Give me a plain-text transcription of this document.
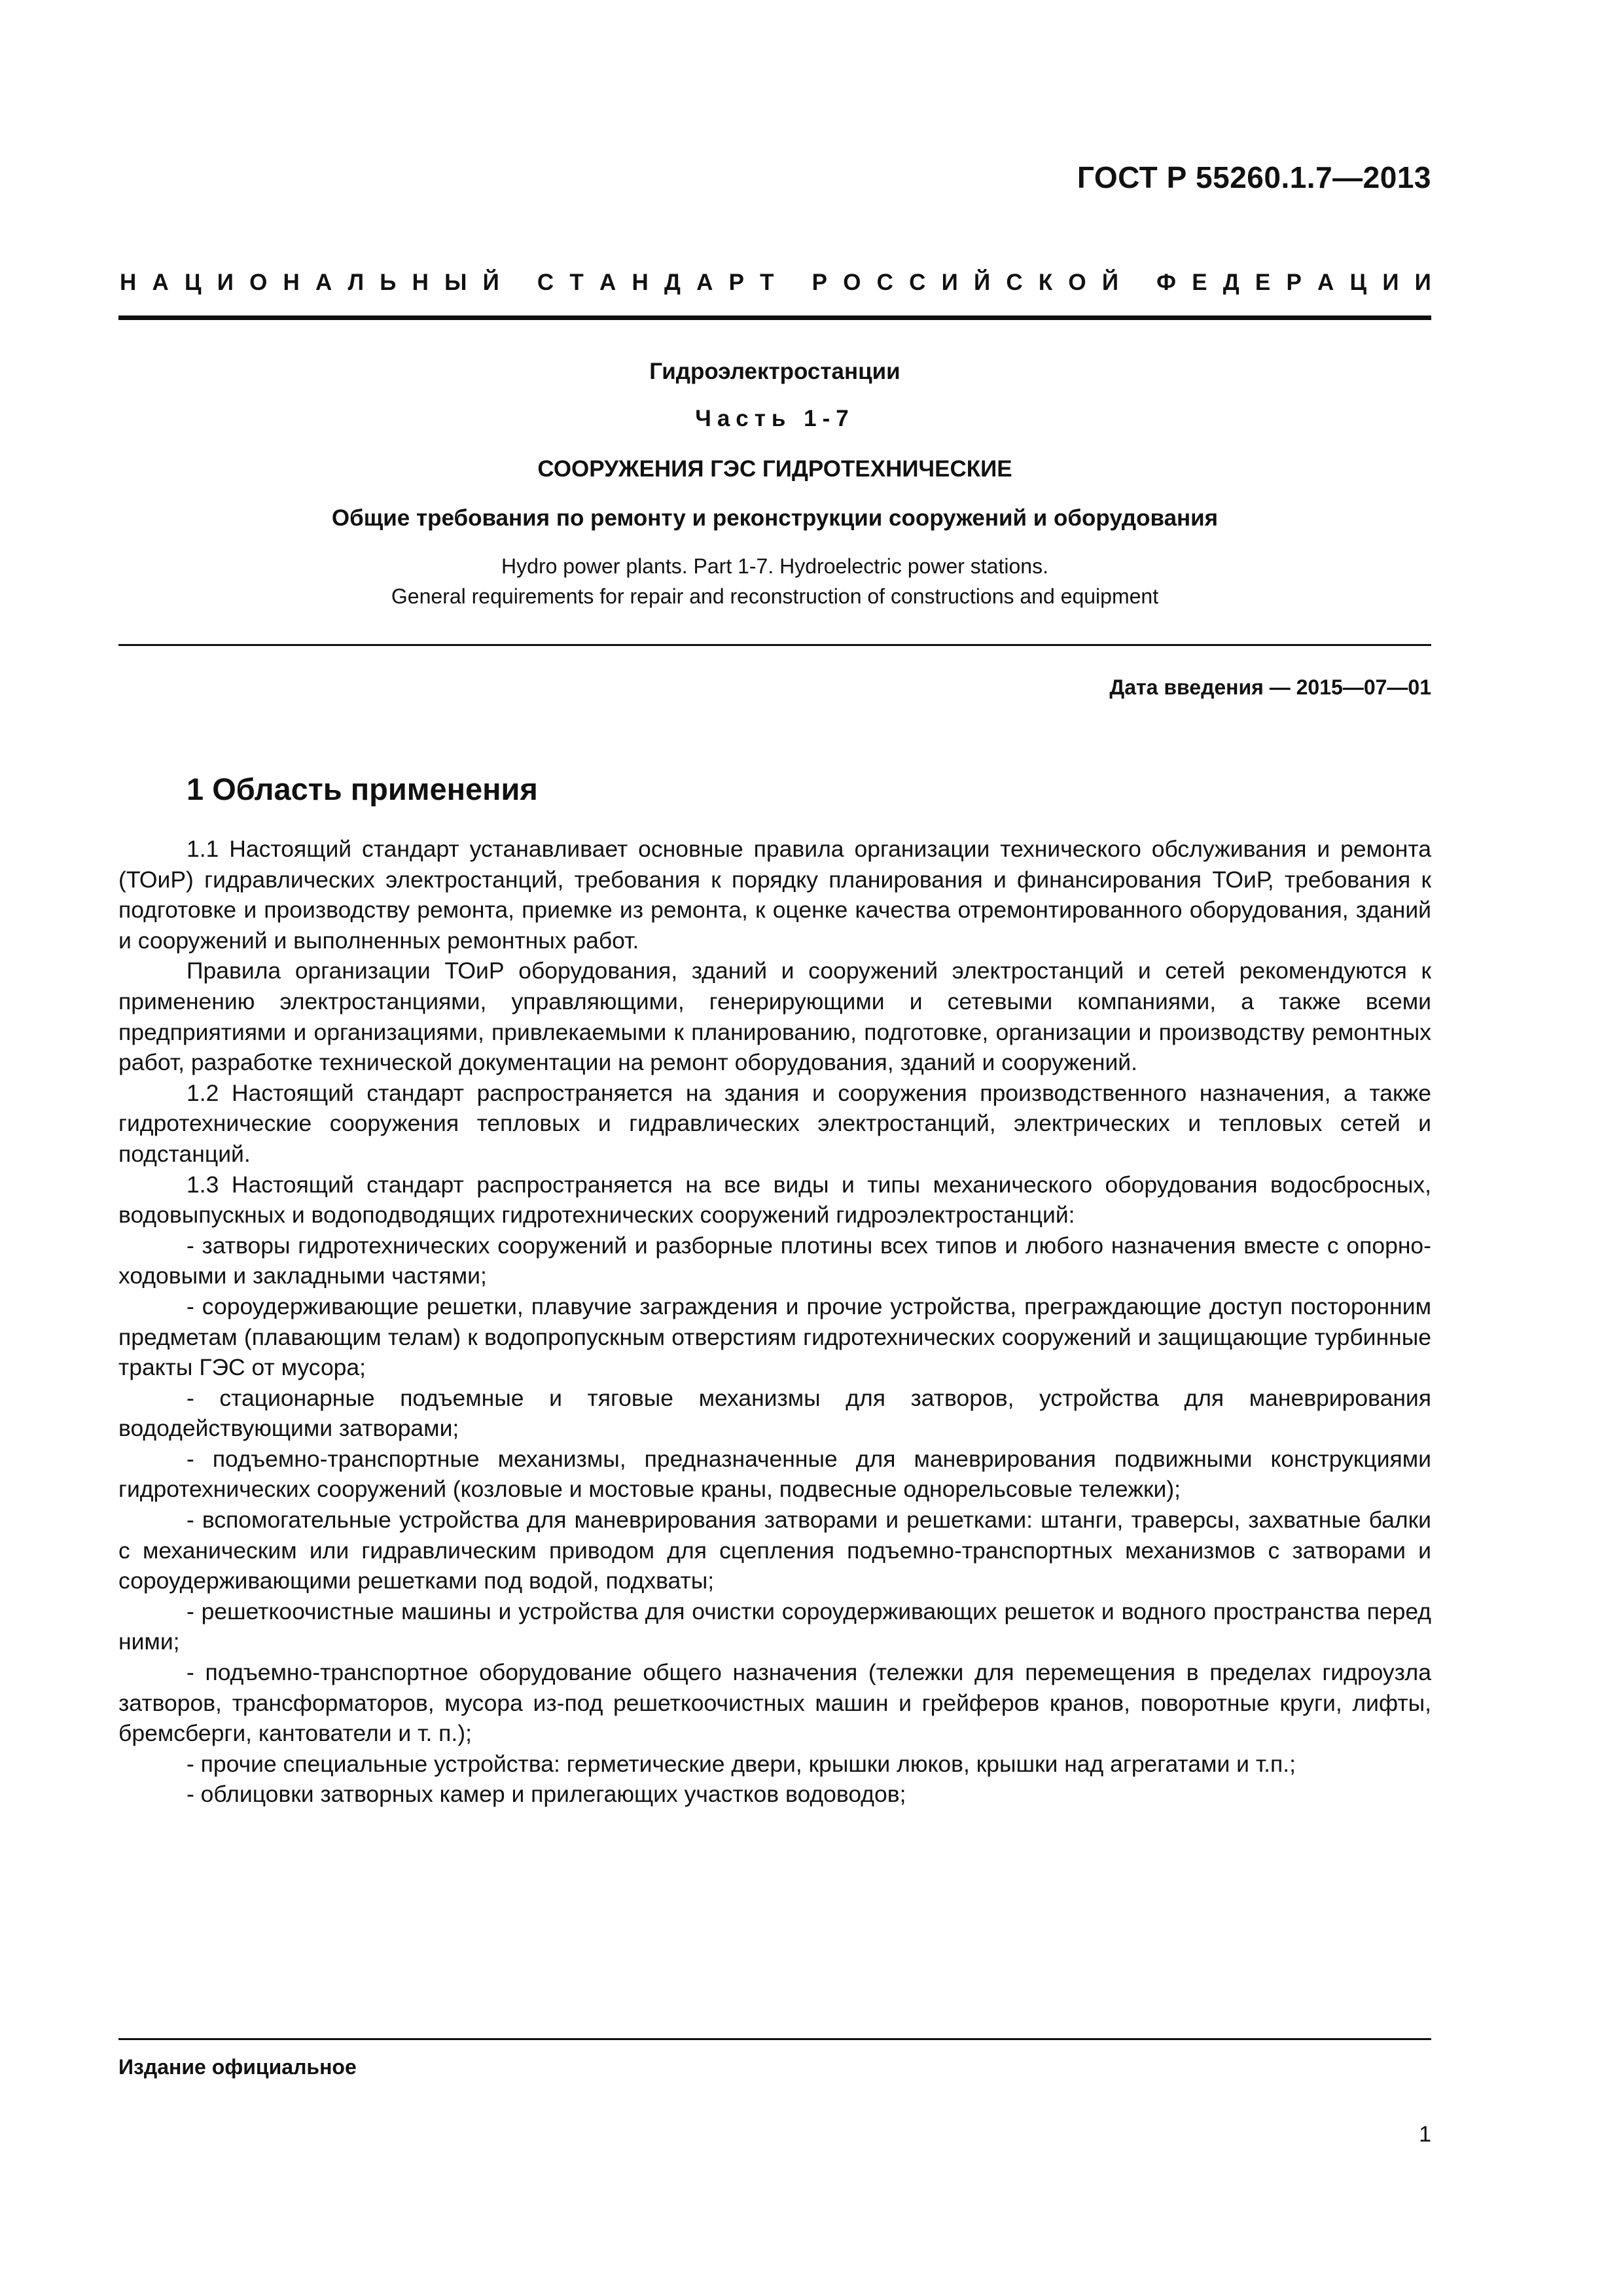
ГОСТ Р 55260.1.7—2013
Н А Ц И О Н А Л Ь Н Ы Й
С Т А Н Д А Р Т
Р О С С И Й С К О Й
Ф Е Д Е Р А Ц И И
Гидроэлектростанции
Часть 1-7
СООРУЖЕНИЯ ГЭС ГИДРОТЕХНИЧЕСКИЕ
Общие требования по ремонту и реконструкции сооружений и оборудования
Hydro power plants. Part 1-7. Hydroelectric power stations.
General requirements for repair and reconstruction of constructions and equipment
Дата введения — 2015—07—01
1 Область применения

1.1 Настоящий стандарт устанавливает основные правила организации технического обслуживания и ремонта (ТОиР) гидравлических электростанций, требования к порядку планирования и финансирования ТОиР, требования к подготовке и производству ремонта, приемке из ремонта, к оценке качества отремонтированного оборудования, зданий и сооружений и выполненных ремонтных работ.

Правила организации ТОиР оборудования, зданий и сооружений электростанций и сетей рекомендуются к применению электростанциями, управляющими, генерирующими и сетевыми компаниями, а также всеми предприятиями и организациями, привлекаемыми к планированию, подготовке, организации и производству ремонтных работ, разработке технической документации на ремонт оборудования, зданий и сооружений.

1.2 Настоящий стандарт распространяется на здания и сооружения производственного назначения, а также гидротехнические сооружения тепловых и гидравлических электростанций, электрических и тепловых сетей и подстанций.

1.3 Настоящий стандарт распространяется на все виды и типы механического оборудования водосбросных, водовыпускных и водоподводящих гидротехнических сооружений гидроэлектростанций:

- затворы гидротехнических сооружений и разборные плотины всех типов и любого назначения вместе с опорно-ходовыми и закладными частями;

- сороудерживающие решетки, плавучие заграждения и прочие устройства, преграждающие доступ посторонним предметам (плавающим телам) к водопропускным отверстиям гидротехнических сооружений и защищающие турбинные тракты ГЭС от мусора;

- стационарные подъемные и тяговые механизмы для затворов, устройства для маневрирования вододействующими затворами;

- подъемно-транспортные механизмы, предназначенные для маневрирования подвижными конструкциями гидротехнических сооружений (козловые и мостовые краны, подвесные однорельсовые тележки);

- вспомогательные устройства для маневрирования затворами и решетками: штанги, траверсы, захватные балки с механическим или гидравлическим приводом для сцепления подъемно-транспортных механизмов с затворами и сороудерживающими решетками под водой, подхваты;

- решеткоочистные машины и устройства для очистки сороудерживающих решеток и водного пространства перед ними;

- подъемно-транспортное оборудование общего назначения (тележки для перемещения в пределах гидроузла затворов, трансформаторов, мусора из-под решеткоочистных машин и грейферов кранов, поворотные круги, лифты, бремсберги, кантователи и т. п.);

- прочие специальные устройства: герметические двери, крышки люков, крышки над агрегатами и т.п.;

- облицовки затворных камер и прилегающих участков водоводов;

Издание официальное
1
